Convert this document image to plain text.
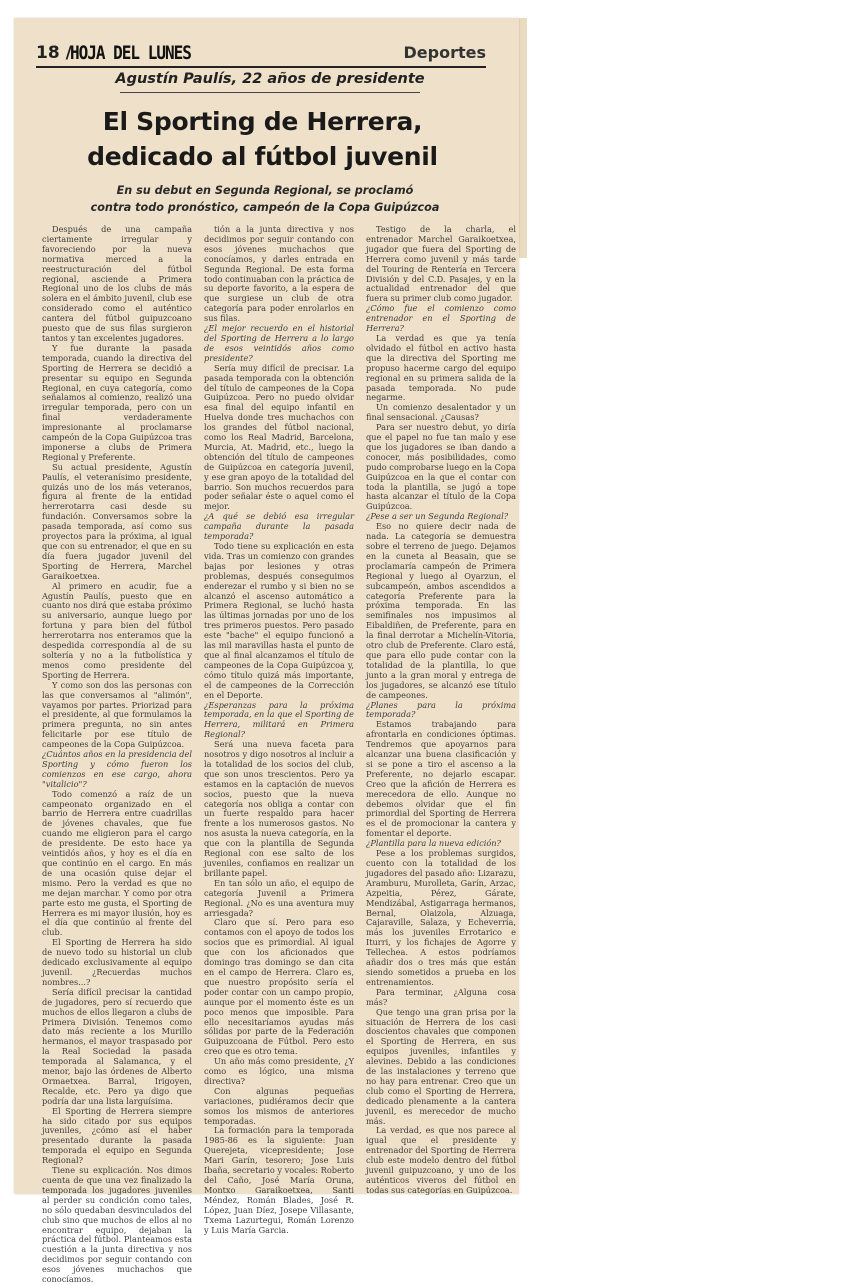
18 /
HOJA DEL LUNES	Deportes
Agustín Paulís, 22 años de presidente
El Sporting de Herrera,
dedicado al fútbol juvenil
En su debut en Segunda Regional, se proclamó
contra todo pronóstico, campeón de la Copa Guipúzcoa

Después de una campaña ciertamente irregular y favoreciendo por la nueva normativa merced a la reestructuración del fútbol regional, asciende a Primera Regional uno de los clubs de más solera en el ámbito juvenil, club ese considerado como el auténtico cantera del fútbol guipuzcoano puesto que de sus filas surgieron tantos y tan excelentes jugadores.

Y fue durante la pasada temporada, cuando la directiva del Sporting de Herrera se decidió a presentar su equipo en Segunda Regional, en cuya categoría, como señalamos al comienzo, realizó una irregular temporada, pero con un final verdaderamente impresionante al proclamarse campeón de la Copa Guipúzcoa tras imponerse a clubs de Primera Regional y Preferente.

Su actual presidente, Agustín Paulís, el veteranísimo presidente, quizás uno de los más veteranos, figura al frente de la entidad herrerotarra casi desde su fundación. Conversamos sobre la pasada temporada, así como sus proyectos para la próxima, al igual que con su entrenador, el que en su día fuera jugador juvenil del Sporting de Herrera, Marchel Garaikoetxea.

Al primero en acudir, fue a Agustín Paulís, puesto que en cuanto nos dirá que estaba próximo su aniversario, aunque luego por fortuna y para bien del fútbol herrerotarra nos enteramos que la despedida correspondía al de su soltería y no a la futbolística y menos como presidente del Sporting de Herrera.

Y como son dos las personas con las que conversamos al "alimón", vayamos por partes. Priorizad para el presidente, al que formulamos la primera pregunta, no sin antes felicitarle por ese título de campeones de la Copa Guipúzcoa.

¿Cuántos años en la presidencia del Sporting y cómo fueron los comienzos en ese cargo, ahora "vitalicio"?

Todo comenzó a raíz de un campeonato organizado en el barrio de Herrera entre cuadrillas de jóvenes chavales, que fue cuando me eligieron para el cargo de presidente. De esto hace ya veintidós años, y hoy es el día en que continúo en el cargo. En más de una ocasión quise dejar el mismo. Pero la verdad es que no me dejan marchar. Y como por otra parte esto me gusta, el Sporting de Herrera es mi mayor ilusión, hoy es el día que continúo al frente del club.

El Sporting de Herrera ha sido de nuevo todo su historial un club dedicado exclusivamente al equipo juvenil. ¿Recuerdas muchos nombres...?

Sería difícil precisar la cantidad de jugadores, pero sí recuerdo que muchos de ellos llegaron a clubs de Primera División. Tenemos como dato más reciente a los Murillo hermanos, el mayor traspasado por la Real Sociedad la pasada temporada al Salamanca, y el menor, bajo las órdenes de Alberto Ormaetxea. Barral, Irigoyen, Recalde, etc. Pero ya digo que podría dar una lista larguísima.

El Sporting de Herrera siempre ha sido citado por sus equipos juveniles, ¿cómo así el haber presentado durante la pasada temporada el equipo en Segunda Regional?

Tiene su explicación. Nos dimos cuenta de que una vez finalizado la temporada los jugadores juveniles al perder su condición como tales, no sólo quedaban desvinculados del club sino que muchos de ellos al no encontrar equipo, dejaban la práctica del fútbol. Planteamos esta cuestión a la junta directiva y nos decidimos por seguir contando con esos jóvenes muchachos que conocíamos.

tión a la junta directiva y nos decidimos por seguir contando con esos jóvenes muchachos que conocíamos, y darles entrada en Segunda Regional. De esta forma todo continuaban con la práctica de su deporte favorito, a la espera de que surgiese un club de otra categoría para poder enrolarlos en sus filas.

¿El mejor recuerdo en el historial del Sporting de Herrera a lo largo de esos veintidós años como presidente?

Sería muy difícil de precisar. La pasada temporada con la obtención del título de campeones de la Copa Guipúzcoa. Pero no puedo olvidar esa final del equipo infantil en Huelva donde tres muchachos con los grandes del fútbol nacional, como los Real Madrid, Barcelona, Murcia, At. Madrid, etc., luego la obtención del título de campeones de Guipúzcoa en categoría juvenil, y ese gran apoyo de la totalidad del barrio. Son muchos recuerdos para poder señalar éste o aquel como el mejor.

¿A qué se debió esa irregular campaña durante la pasada temporada?

Todo tiene su explicación en esta vida. Tras un comienzo con grandes bajas por lesiones y otras problemas, después conseguimos enderezar el rumbo y si bien no se alcanzó el ascenso automático a Primera Regional, se luchó hasta las últimas jornadas por uno de los tres primeros puestos. Pero pasado este "bache" el equipo funcionó a las mil maravillas hasta el punto de que al final alcanzamos el título de campeones de la Copa Guipúzcoa y, cómo título quizá más importante, el de campeones de la Corrección en el Deporte.

¿Esperanzas para la próxima temporada, en la que el Sporting de Herrera, militará en Primera Regional?

Será una nueva faceta para nosotros y digo nosotros al incluir a la totalidad de los socios del club, que son unos trescientos. Pero ya estamos en la captación de nuevos socios, puesto que la nueva categoría nos obliga a contar con un fuerte respaldo para hacer frente a los numerosos gastos. No nos asusta la nueva categoría, en la que con la plantilla de Segunda Regional con ese salto de los juveniles, confiamos en realizar un brillante papel.

En tan sólo un año, el equipo de categoría Juvenil a Primera Regional. ¿No es una aventura muy arriesgada?

Claro que sí. Pero para eso contamos con el apoyo de todos los socios que es primordial. Al igual que con los aficionados que domingo tras domingo se dan cita en el campo de Herrera. Claro es, que nuestro propósito sería el poder contar con un campo propio, aunque por el momento éste es un poco menos que imposible. Para ello necesitaríamos ayudas más sólidas por parte de la Federación Guipuzcoana de Fútbol. Pero esto creo que es otro tema.

Un año más como presidente, ¿Y como es lógico, una misma directiva?

Con algunas pequeñas variaciones, pudiéramos decir que somos los mismos de anteriores temporadas.

La formación para la temporada 1985-86 es la siguiente: Juan Querejeta, vicepresidente; Jose Mari Garín, tesorero; Jose Luis Ibaña, secretario y vocales: Roberto del Caño, José María Oruna, Montxo Garaikoetxea, Santi Méndez, Román Blades, José R. López, Juan Díez, Josepe Villasante, Txema Lazurtegui, Román Lorenzo y Luis María Garcia.

Testigo de la charla, el entrenador Marchel Garaikoetxea, jugador que fuera del Sporting de Herrera como juvenil y más tarde del Touring de Rentería en Tercera División y del C.D. Pasajes, y en la actualidad entrenador del que fuera su primer club como jugador.

¿Cómo fue el comienzo como entrenador en el Sporting de Herrera?

La verdad es que ya tenía olvidado el fútbol en activo hasta que la directiva del Sporting me propuso hacerme cargo del equipo regional en su primera salida de la pasada temporada. No pude negarme.

Un comienzo desalentador y un final sensacional. ¿Causas?

Para ser nuestro debut, yo diría que el papel no fue tan malo y ese que los jugadores se iban dando a conocer, más posibilidades, como pudo comprobarse luego en la Copa Guipúzcoa en la que el contar con toda la plantilla, se jugó a tope hasta alcanzar el título de la Copa Guipúzcoa.

¿Pese a ser un Segunda Regional?

Eso no quiere decir nada de nada. La categoría se demuestra sobre el terreno de juego. Dejamos en la cuneta al Beasain, que se proclamaría campeón de Primera Regional y luego al Oyarzun, el subcampeón, ambos ascendidos a categoría Preferente para la próxima temporada. En las semifinales nos impusimos al Eibaldiñen, de Preferente, para en la final derrotar a Michelín-Vitoria, otro club de Preferente. Claro está, que para ello pude contar con la totalidad de la plantilla, lo que junto a la gran moral y entrega de los jugadores, se alcanzó ese título de campeones.

¿Planes para la próxima temporada?

Estamos trabajando para afrontarla en condiciones óptimas. Tendremos que apoyarnos para alcanzar una buena clasificación y si se pone a tiro el ascenso a la Preferente, no dejarlo escapar. Creo que la afición de Herrera es merecedora de ello. Aunque no debemos olvidar que el fin primordial del Sporting de Herrera es el de promocionar la cantera y fomentar el deporte.

¿Plantilla para la nueva edición?

Pese a los problemas surgidos, cuento con la totalidad de los jugadores del pasado año: Lizarazu, Aramburu, Murolleta, Garín, Arzac, Azpeitia, Pérez, Gárate, Mendizábal, Astigarraga hermanos, Bernal, Olaizola, Alzuaga, Cajaraville, Salaza, y Echeverría, más los juveniles Errotarico e Iturri, y los fichajes de Agorre y Tellechea. A estos podríamos añadir dos o tres más que están siendo sometidos a prueba en los entrenamientos.

Para terminar, ¿Alguna cosa más?

Que tengo una gran prisa por la situación de Herrera de los casi doscientos chavales que componen el Sporting de Herrera, en sus equipos juveniles, infantiles y alevines. Debido a las condiciones de las instalaciones y terreno que no hay para entrenar. Creo que un club como el Sporting de Herrera, dedicado plenamente a la cantera juvenil, es merecedor de mucho más.

La verdad, es que nos parece al igual que el presidente y entrenador del Sporting de Herrera club este modelo dentro del fútbol juvenil guipuzcoano, y uno de los auténticos viveros del fútbol en todas sus categorías en Guipúzcoa.
